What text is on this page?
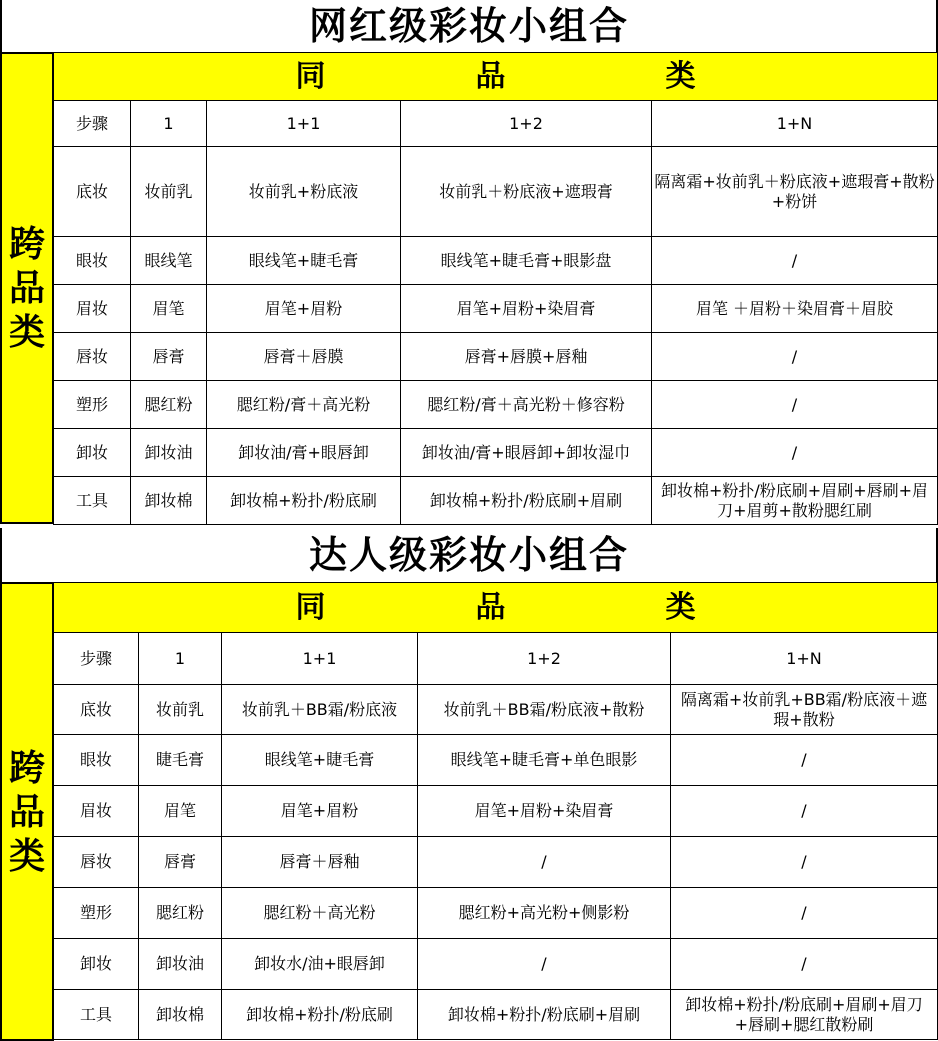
网红级彩妆小组合
跨品类
同 品 类				

步骤	1	1+1	1+2	1+N
底妆	妆前乳	妆前乳+粉底液	妆前乳＋粉底液+遮瑕膏	隔离霜+妆前乳＋粉底液+遮瑕膏+散粉+粉饼
眼妆	眼线笔	眼线笔+睫毛膏	眼线笔+睫毛膏+眼影盘	/
眉妆	眉笔	眉笔+眉粉	眉笔+眉粉+染眉膏	眉笔 ＋眉粉＋染眉膏＋眉胶
唇妆	唇膏	唇膏＋唇膜	唇膏+唇膜+唇釉	/
塑形	腮红粉	腮红粉/膏＋高光粉	腮红粉/膏＋高光粉＋修容粉	/
卸妆	卸妆油	卸妆油/膏+眼唇卸	卸妆油/膏+眼唇卸+卸妆湿巾	/
工具	卸妆棉	卸妆棉+粉扑/粉底刷	卸妆棉+粉扑/粉底刷+眉刷	卸妆棉+粉扑/粉底刷+眉刷+唇刷+眉刀+眉剪+散粉腮红刷
达人级彩妆小组合
跨品类
同 品 类				

步骤	1	1+1	1+2	1+N
底妆	妆前乳	妆前乳＋BB霜/粉底液	妆前乳＋BB霜/粉底液+散粉	隔离霜+妆前乳+BB霜/粉底液＋遮瑕+散粉
眼妆	睫毛膏	眼线笔+睫毛膏	眼线笔+睫毛膏+单色眼影	/
眉妆	眉笔	眉笔+眉粉	眉笔+眉粉+染眉膏	/
唇妆	唇膏	唇膏＋唇釉	/	/
塑形	腮红粉	腮红粉＋高光粉	腮红粉+高光粉+侧影粉	/
卸妆	卸妆油	卸妆水/油+眼唇卸	/	/
工具	卸妆棉	卸妆棉+粉扑/粉底刷	卸妆棉+粉扑/粉底刷+眉刷	卸妆棉+粉扑/粉底刷+眉刷+眉刀+唇刷+腮红散粉刷
